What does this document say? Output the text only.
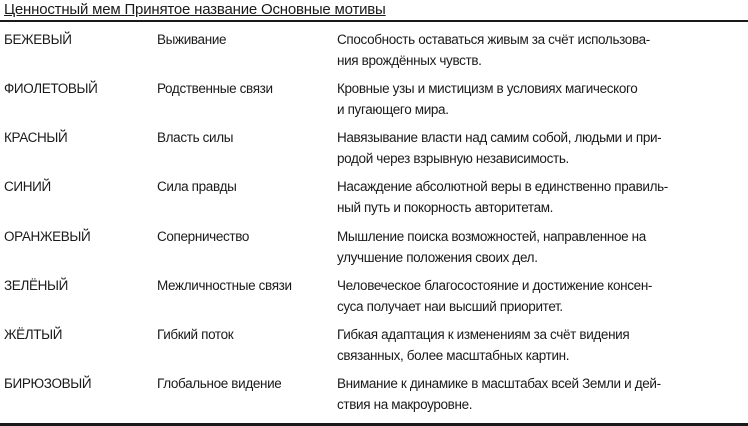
Ценностный мем Принятое название Основные мотивы
БЕЖЕВЫЙ	Выживание	Способность оставаться живым за счёт использова-
ния врождённых чувств.
ФИОЛЕТОВЫЙ	Родственные связи	Кровные узы и мистицизм в условиях магического
и пугающего мира.
КРАСНЫЙ	Власть силы	Навязывание власти над самим собой, людьми и при-
родой через взрывную независимость.
СИНИЙ	Сила правды	Насаждение абсолютной веры в единственно правиль-
ный путь и покорность авторитетам.
ОРАНЖЕВЫЙ	Соперничество	Мышление поиска возможностей, направленное на
улучшение положения своих дел.
ЗЕЛЁНЫЙ	Межличностные связи	Человеческое благосостояние и достижение консен-
суса получает наи высший приоритет.
ЖЁЛТЫЙ	Гибкий поток	Гибкая адаптация к изменениям за счёт видения
связанных, более масштабных картин.
БИРЮЗОВЫЙ	Глобальное видение	Внимание к динамике в масштабах всей Земли и дей-
ствия на макроуровне.
